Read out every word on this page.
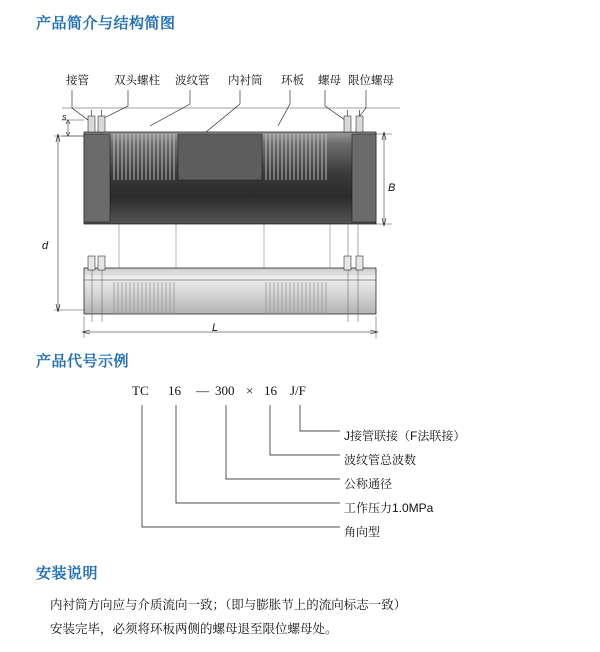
产品简介与结构简图
接管 双头螺柱 波纹管 内衬筒 环板 螺母 限位螺母
s
d
B
L
产品代号示例
TC 16 — 300 × 16 J/F
J接管联接（F法联接）
波纹管总波数
公称通径
工作压力1.0MPa
角向型
安装说明

内衬筒方向应与介质流向一致；（即与膨胀节上的流向标志一致）

安装完毕，必须将环板两侧的螺母退至限位螺母处。
